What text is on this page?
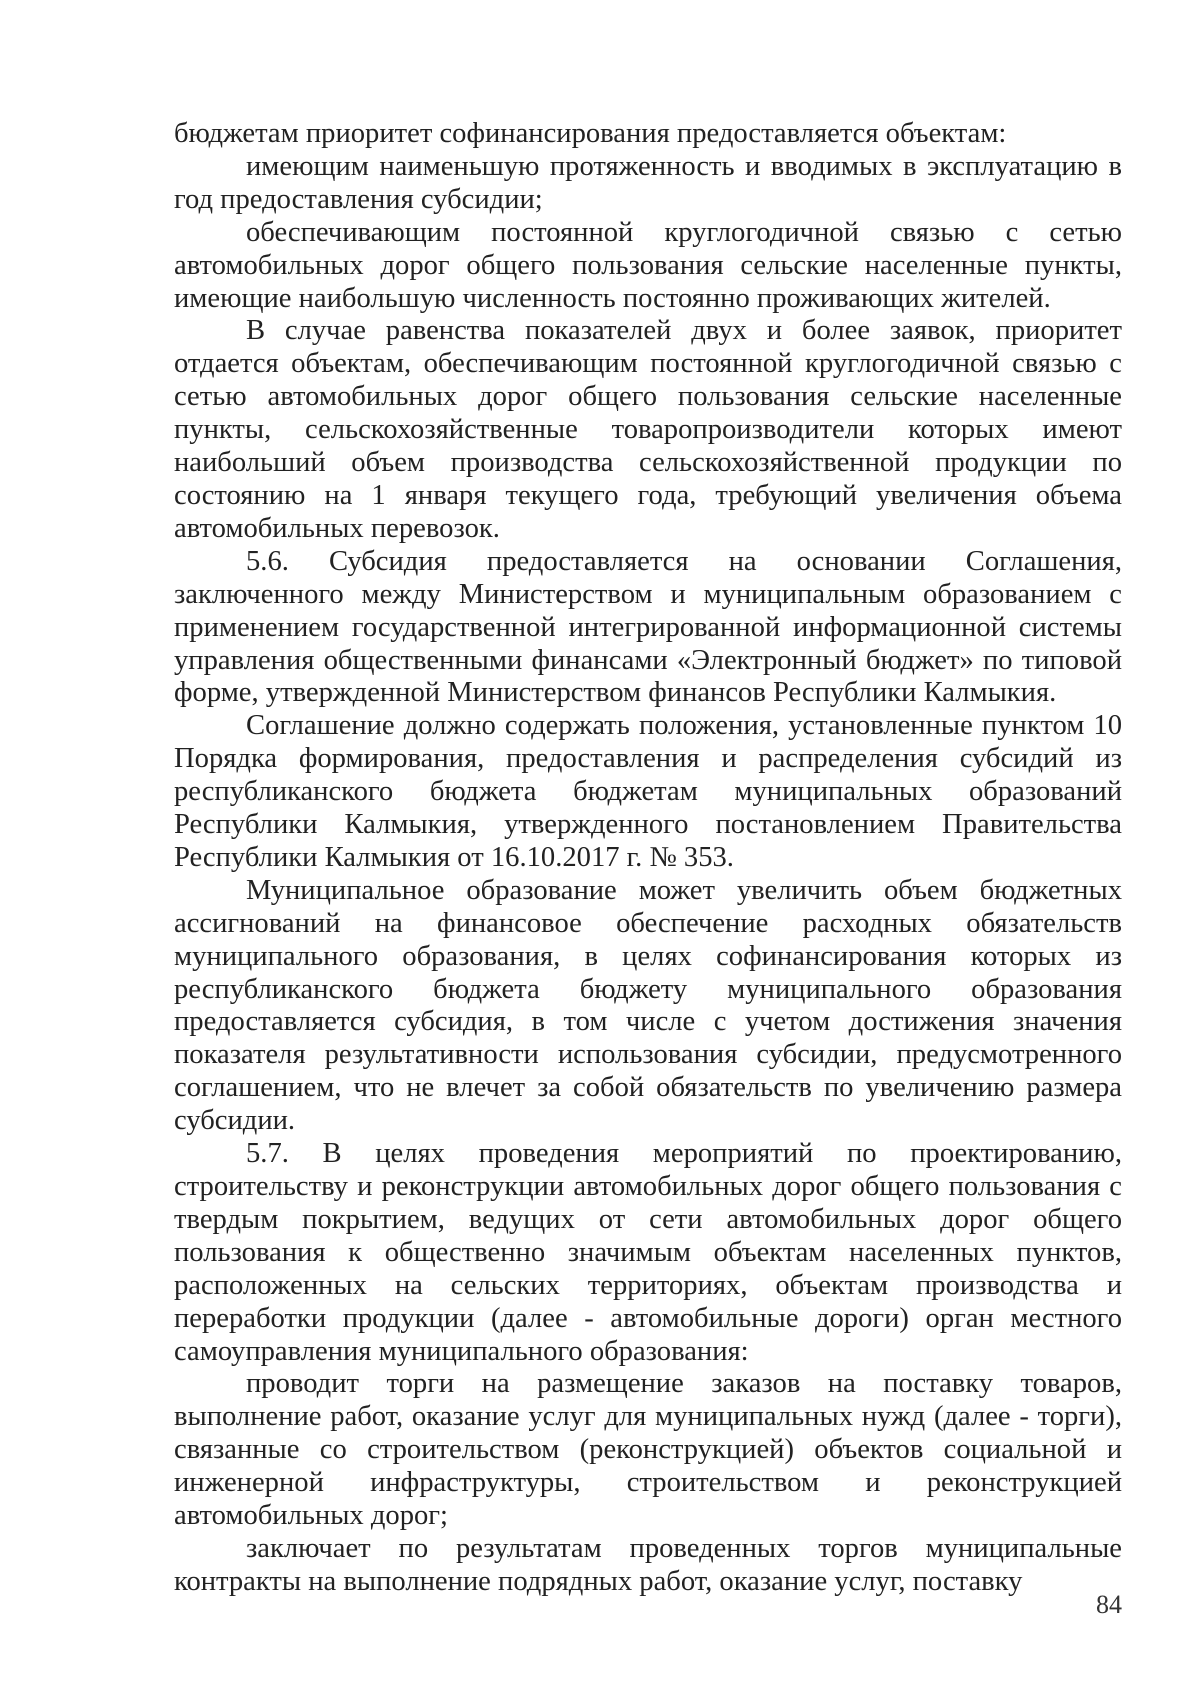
бюджетам приоритет софинансирования предоставляется объектам:

имеющим наименьшую протяженность и вводимых в эксплуатацию в год предоставления субсидии;

обеспечивающим постоянной круглогодичной связью с сетью автомобильных дорог общего пользования сельские населенные пункты, имеющие наибольшую численность постоянно проживающих жителей.

В случае равенства показателей двух и более заявок, приоритет отдается объектам, обеспечивающим постоянной круглогодичной связью с сетью автомобильных дорог общего пользования сельские населенные пункты, сельскохозяйственные товаропроизводители которых имеют наибольший объем производства сельскохозяйственной продукции по состоянию на 1 января текущего года, требующий увеличения объема автомобильных перевозок.

5.6. Субсидия предоставляется на основании Соглашения, заключенного между Министерством и муниципальным образованием с применением государственной интегрированной информационной системы управления общественными финансами «Электронный бюджет» по типовой форме, утвержденной Министерством финансов Республики Калмыкия.

Соглашение должно содержать положения, установленные пунктом 10 Порядка формирования, предоставления и распределения субсидий из республиканского бюджета бюджетам муниципальных образований Республики Калмыкия, утвержденного постановлением Правительства Республики Калмыкия от 16.10.2017 г. № 353.

Муниципальное образование может увеличить объем бюджетных ассигнований на финансовое обеспечение расходных обязательств муниципального образования, в целях софинансирования которых из республиканского бюджета бюджету муниципального образования предоставляется субсидия, в том числе с учетом достижения значения показателя результативности использования субсидии, предусмотренного соглашением, что не влечет за собой обязательств по увеличению размера субсидии.

5.7. В целях проведения мероприятий по проектированию, строительству и реконструкции автомобильных дорог общего пользования с твердым покрытием, ведущих от сети автомобильных дорог общего пользования к общественно значимым объектам населенных пунктов, расположенных на сельских территориях, объектам производства и переработки продукции (далее - автомобильные дороги) орган местного самоуправления муниципального образования:

проводит торги на размещение заказов на поставку товаров, выполнение работ, оказание услуг для муниципальных нужд (далее - торги), связанные со строительством (реконструкцией) объектов социальной и инженерной инфраструктуры, строительством и реконструкцией автомобильных дорог;

заключает по результатам проведенных торгов муниципальные контракты на выполнение подрядных работ, оказание услуг, поставку

84
